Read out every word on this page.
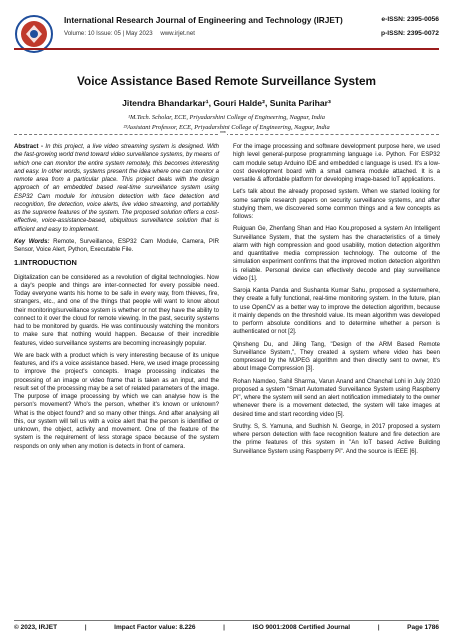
International Research Journal of Engineering and Technology (IRJET)
Volume: 10 Issue: 05 | May 2023 www.irjet.net
e-ISSN: 2395-0056
p-ISSN: 2395-0072
Voice Assistance Based Remote Surveillance System
Jitendra Bhandarkar¹, Gouri Halde², Sunita Parihar³
¹M.Tech. Scholar, ECE, Priyadarshini College of Engineering, Nagpur, India
²³Assistant Professor, ECE, Priyadarshini College of Engineering, Nagpur, India
***

Abstract - In this project, a live video streaming system is designed. With the fast-growing world trend toward video surveillance systems, by means of which one can monitor the entire system remotely, this becomes interesting and easy. In other words, systems present the idea where one can monitor a remote area from a particular place. This project deals with the design approach of an embedded based real-time surveillance system using ESP32 Cam module for intrusion detection with face detection and recognition, fire detection, voice alerts, live video streaming, and portability as the supreme features of the system. The proposed solution offers a cost-effective, voice-assistance-based, ubiquitous surveillance solution that is efficient and easy to implement.

Key Words: Remote, Surveillance, ESP32 Cam Module, Camera, PIR Sensor, Voice Alert, Python, Executable File.

1.INTRODUCTION

Digitalization can be considered as a revolution of digital technologies. Now a day's people and things are inter-connected for every possible need. Today everyone wants his home to be safe in every way, from thieves, fire, strangers, etc., and one of the things that people will want to know about their monitoring/surveillance system is whether or not they have the ability to connect to it over the cloud for remote viewing. In the past, security systems had to be monitored by guards. He was continuously watching the monitors to make sure that nothing would happen. Because of their incredible features, video surveillance systems are becoming increasingly popular.

We are back with a product which is very interesting because of its unique features, and it's a voice assistance based. Here, we used image processing to improve the project's concepts. Image processing indicates the processing of an image or video frame that is taken as an input, and the result set of the processing may be a set of related parameters of the image. The purpose of image processing by which we can analyse how is the person's movement? Who's the person, whether it's known or unknown? What is the object found? and so many other things. And after analysing all this, our system will tell us with a voice alert that the person is identified or unknown, the object, activity and movement. One of the feature of the system is the requirement of less storage space because of the system responds on only when any motion is detects in front of camera.

For the image processing and software development purpose here, we used high level general-purpose programming language i.e. Python. For ESP32 cam module setup Arduino IDE and embedded c language is used. It's a low-cost development board with a small camera module attached. It is a versatile & affordable platform for developing image-based IoT applications.

Let's talk about the already proposed system. When we started looking for some sample research papers on security surveillance systems, and after studying them, we discovered some common things and a few concepts as follows:

Ruiguan Ge, Zhenfang Shan and Hao Kou,proposed a system An Intelligent Surveillance System, that the system has the characteristics of a timely alarm with high compression and good usability, motion detection algorithm and quantitative media compression technology. The outcome of the simulation experiment confirms that the improved motion detection algorithm is reliable. Personal device can effectively decode and play surveillance video [1].

Saroja Kanta Panda and Sushanta Kumar Sahu, proposed a systemwhere, they create a fully functional, real-time monitoring system. In the future, plan to use OpenCV as a better way to improve the detection algorithm, because it mainly depends on the threshold value. Its mean algorithm was developed to perform absolute conditions and to determine whether a person is authenticated or not [2].

Qinsheng Du, and Jiling Tang, "Design of the ARM Based Remote Surveillance System,", They created a system where video has been compressed by the MJPEG algorithm and then directly sent to owner, It's about Image Compression [3].

Rohan Namdeo, Sahil Sharma, Varun Anand and Chanchal Lohi in July 2020 proposed a system "Smart Automated Surveillance System using Raspberry Pi", where the system will send an alert notification immediately to the owner whenever there is a movement detected, the system will take images at desired time and start recording video [5].

Sruthy. S, S. Yamuna, and Sudhish N. George, in 2017 proposed a system where person detection with face recognition feature and fire detection are the prime features of this system in "An IoT based Active Building Surveillance System using Raspberry Pi". And the source is IEEE [6].

© 2023, IRJET	|	Impact Factor value: 8.226	|	ISO 9001:2008 Certified Journal	|	Page 1786
